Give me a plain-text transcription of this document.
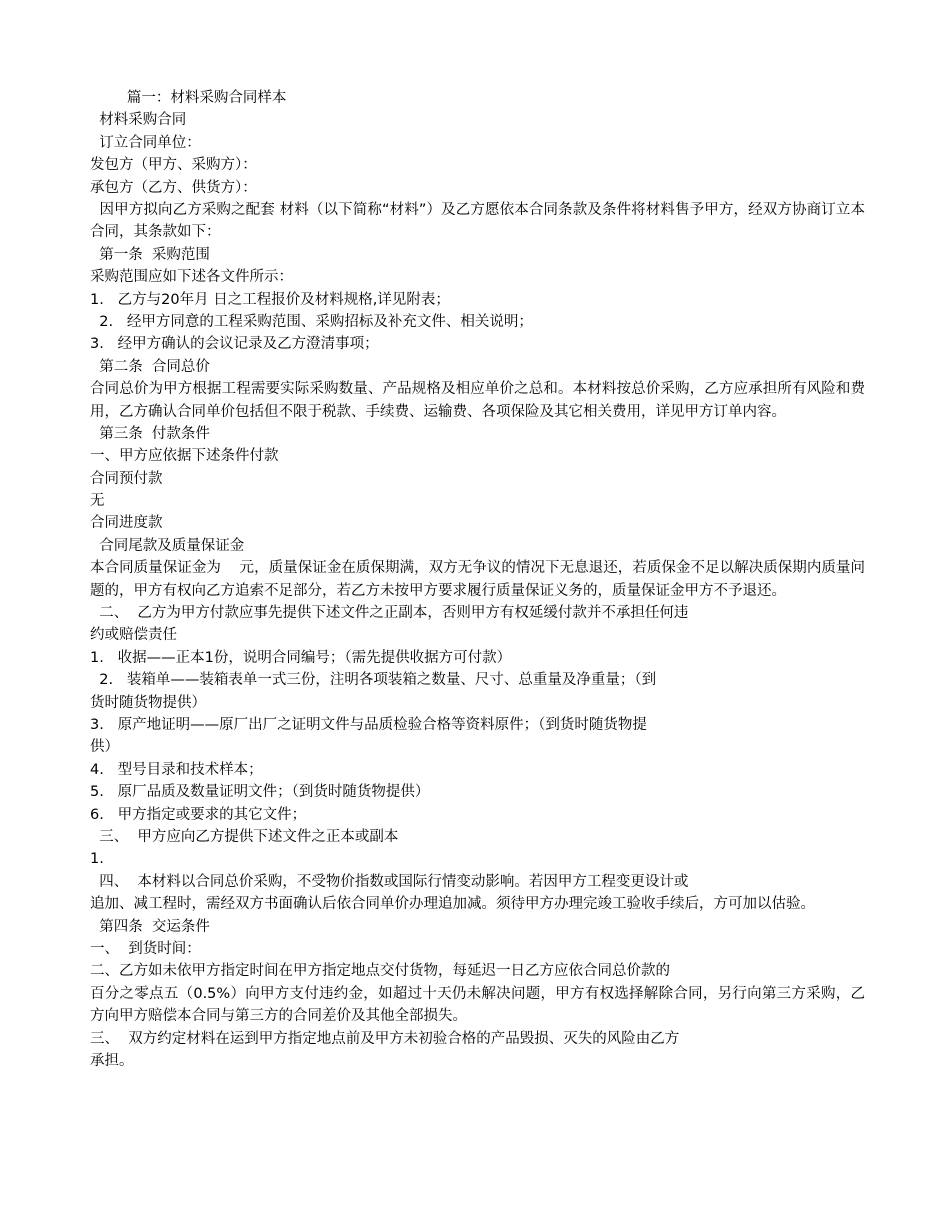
篇一：材料采购合同样本
材料采购合同
订立合同单位：
发包方（甲方、采购方）：
承包方（乙方、供货方）：
因甲方拟向乙方采购之配套 材料（以下简称“材料”）及乙方愿依本合同条款及条件将材料售予甲方，经双方协商订立本合同，其条款如下：
第一条  采购范围
采购范围应如下述各文件所示：
1.   乙方与20年月 日之工程报价及材料规格,详见附表；
2.   经甲方同意的工程采购范围、采购招标及补充文件、相关说明；
3.   经甲方确认的会议记录及乙方澄清事项；
第二条  合同总价
合同总价为甲方根据工程需要实际采购数量、产品规格及相应单价之总和。本材料按总价采购，乙方应承担所有风险和费用，乙方确认合同单价包括但不限于税款、手续费、运输费、各项保险及其它相关费用，详见甲方订单内容。
第三条  付款条件
一、甲方应依据下述条件付款
合同预付款
无
合同进度款
合同尾款及质量保证金
本合同质量保证金为    元，质量保证金在质保期满，双方无争议的情况下无息退还，若质保金不足以解决质保期内质量问题的，甲方有权向乙方追索不足部分，若乙方未按甲方要求履行质量保证义务的，质量保证金甲方不予退还。
二、  乙方为甲方付款应事先提供下述文件之正副本，否则甲方有权延缓付款并不承担任何违
约或赔偿责任
1.   收据——正本1份，说明合同编号；（需先提供收据方可付款）
2.   装箱单——装箱表单一式三份，注明各项装箱之数量、尺寸、总重量及净重量；（到
货时随货物提供）
3.   原产地证明——原厂出厂之证明文件与品质检验合格等资料原件；（到货时随货物提
供）
4.   型号目录和技术样本；
5.   原厂品质及数量证明文件；（到货时随货物提供）
6.   甲方指定或要求的其它文件；
三、  甲方应向乙方提供下述文件之正本或副本
1.
四、  本材料以合同总价采购，不受物价指数或国际行情变动影响。若因甲方工程变更设计或
追加、减工程时，需经双方书面确认后依合同单价办理追加减。须待甲方办理完竣工验收手续后，方可加以估验。
第四条  交运条件
一、  到货时间：
二、乙方如未依甲方指定时间在甲方指定地点交付货物，每延迟一日乙方应依合同总价款的
百分之零点五（0.5%）向甲方支付违约金，如超过十天仍未解决问题，甲方有权选择解除合同，另行向第三方采购，乙方向甲方赔偿本合同与第三方的合同差价及其他全部损失。
三、  双方约定材料在运到甲方指定地点前及甲方未初验合格的产品毁损、灭失的风险由乙方
承担。
